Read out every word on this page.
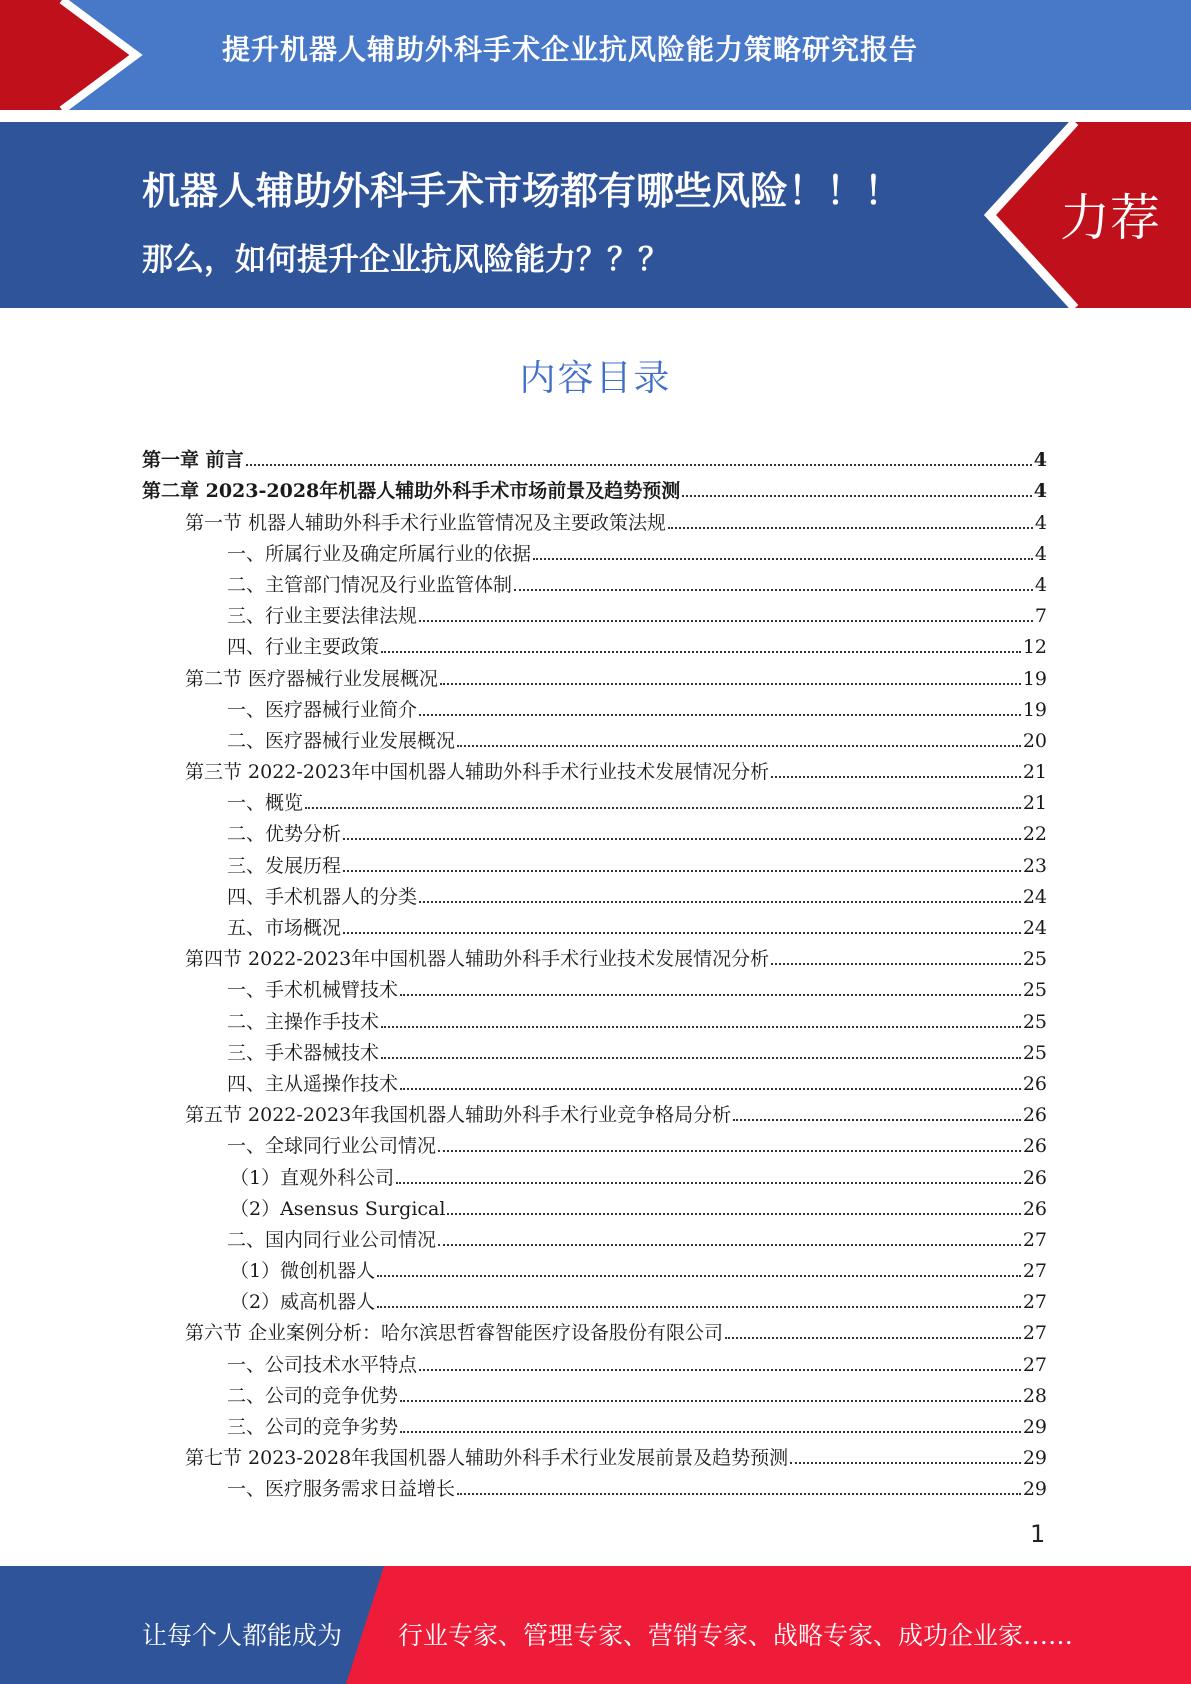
提升机器人辅助外科手术企业抗风险能力策略研究报告
机器人辅助外科手术市场都有哪些风险！！！
那么，如何提升企业抗风险能力？？？
力荐
内容目录
第一章 前言	4
第二章 2023-2028年机器人辅助外科手术市场前景及趋势预测	4
第一节 机器人辅助外科手术行业监管情况及主要政策法规	4
一、所属行业及确定所属行业的依据	4
二、主管部门情况及行业监管体制	4
三、行业主要法律法规	7
四、行业主要政策	12
第二节 医疗器械行业发展概况	19
一、医疗器械行业简介	19
二、医疗器械行业发展概况	20
第三节 2022-2023年中国机器人辅助外科手术行业技术发展情况分析	21
一、概览	21
二、优势分析	22
三、发展历程	23
四、手术机器人的分类	24
五、市场概况	24
第四节 2022-2023年中国机器人辅助外科手术行业技术发展情况分析	25
一、手术机械臂技术	25
二、主操作手技术	25
三、手术器械技术	25
四、主从遥操作技术	26
第五节 2022-2023年我国机器人辅助外科手术行业竞争格局分析	26
一、全球同行业公司情况	26
（1）直观外科公司	26
（2）Asensus Surgical	26
二、国内同行业公司情况	27
（1）微创机器人	27
（2）威高机器人	27
第六节 企业案例分析：哈尔滨思哲睿智能医疗设备股份有限公司	27
一、公司技术水平特点	27
二、公司的竞争优势	28
三、公司的竞争劣势	29
第七节 2023-2028年我国机器人辅助外科手术行业发展前景及趋势预测	29
一、医疗服务需求日益增长	29
1
让每个人都能成为 行业专家、管理专家、营销专家、战略专家、成功企业家……
